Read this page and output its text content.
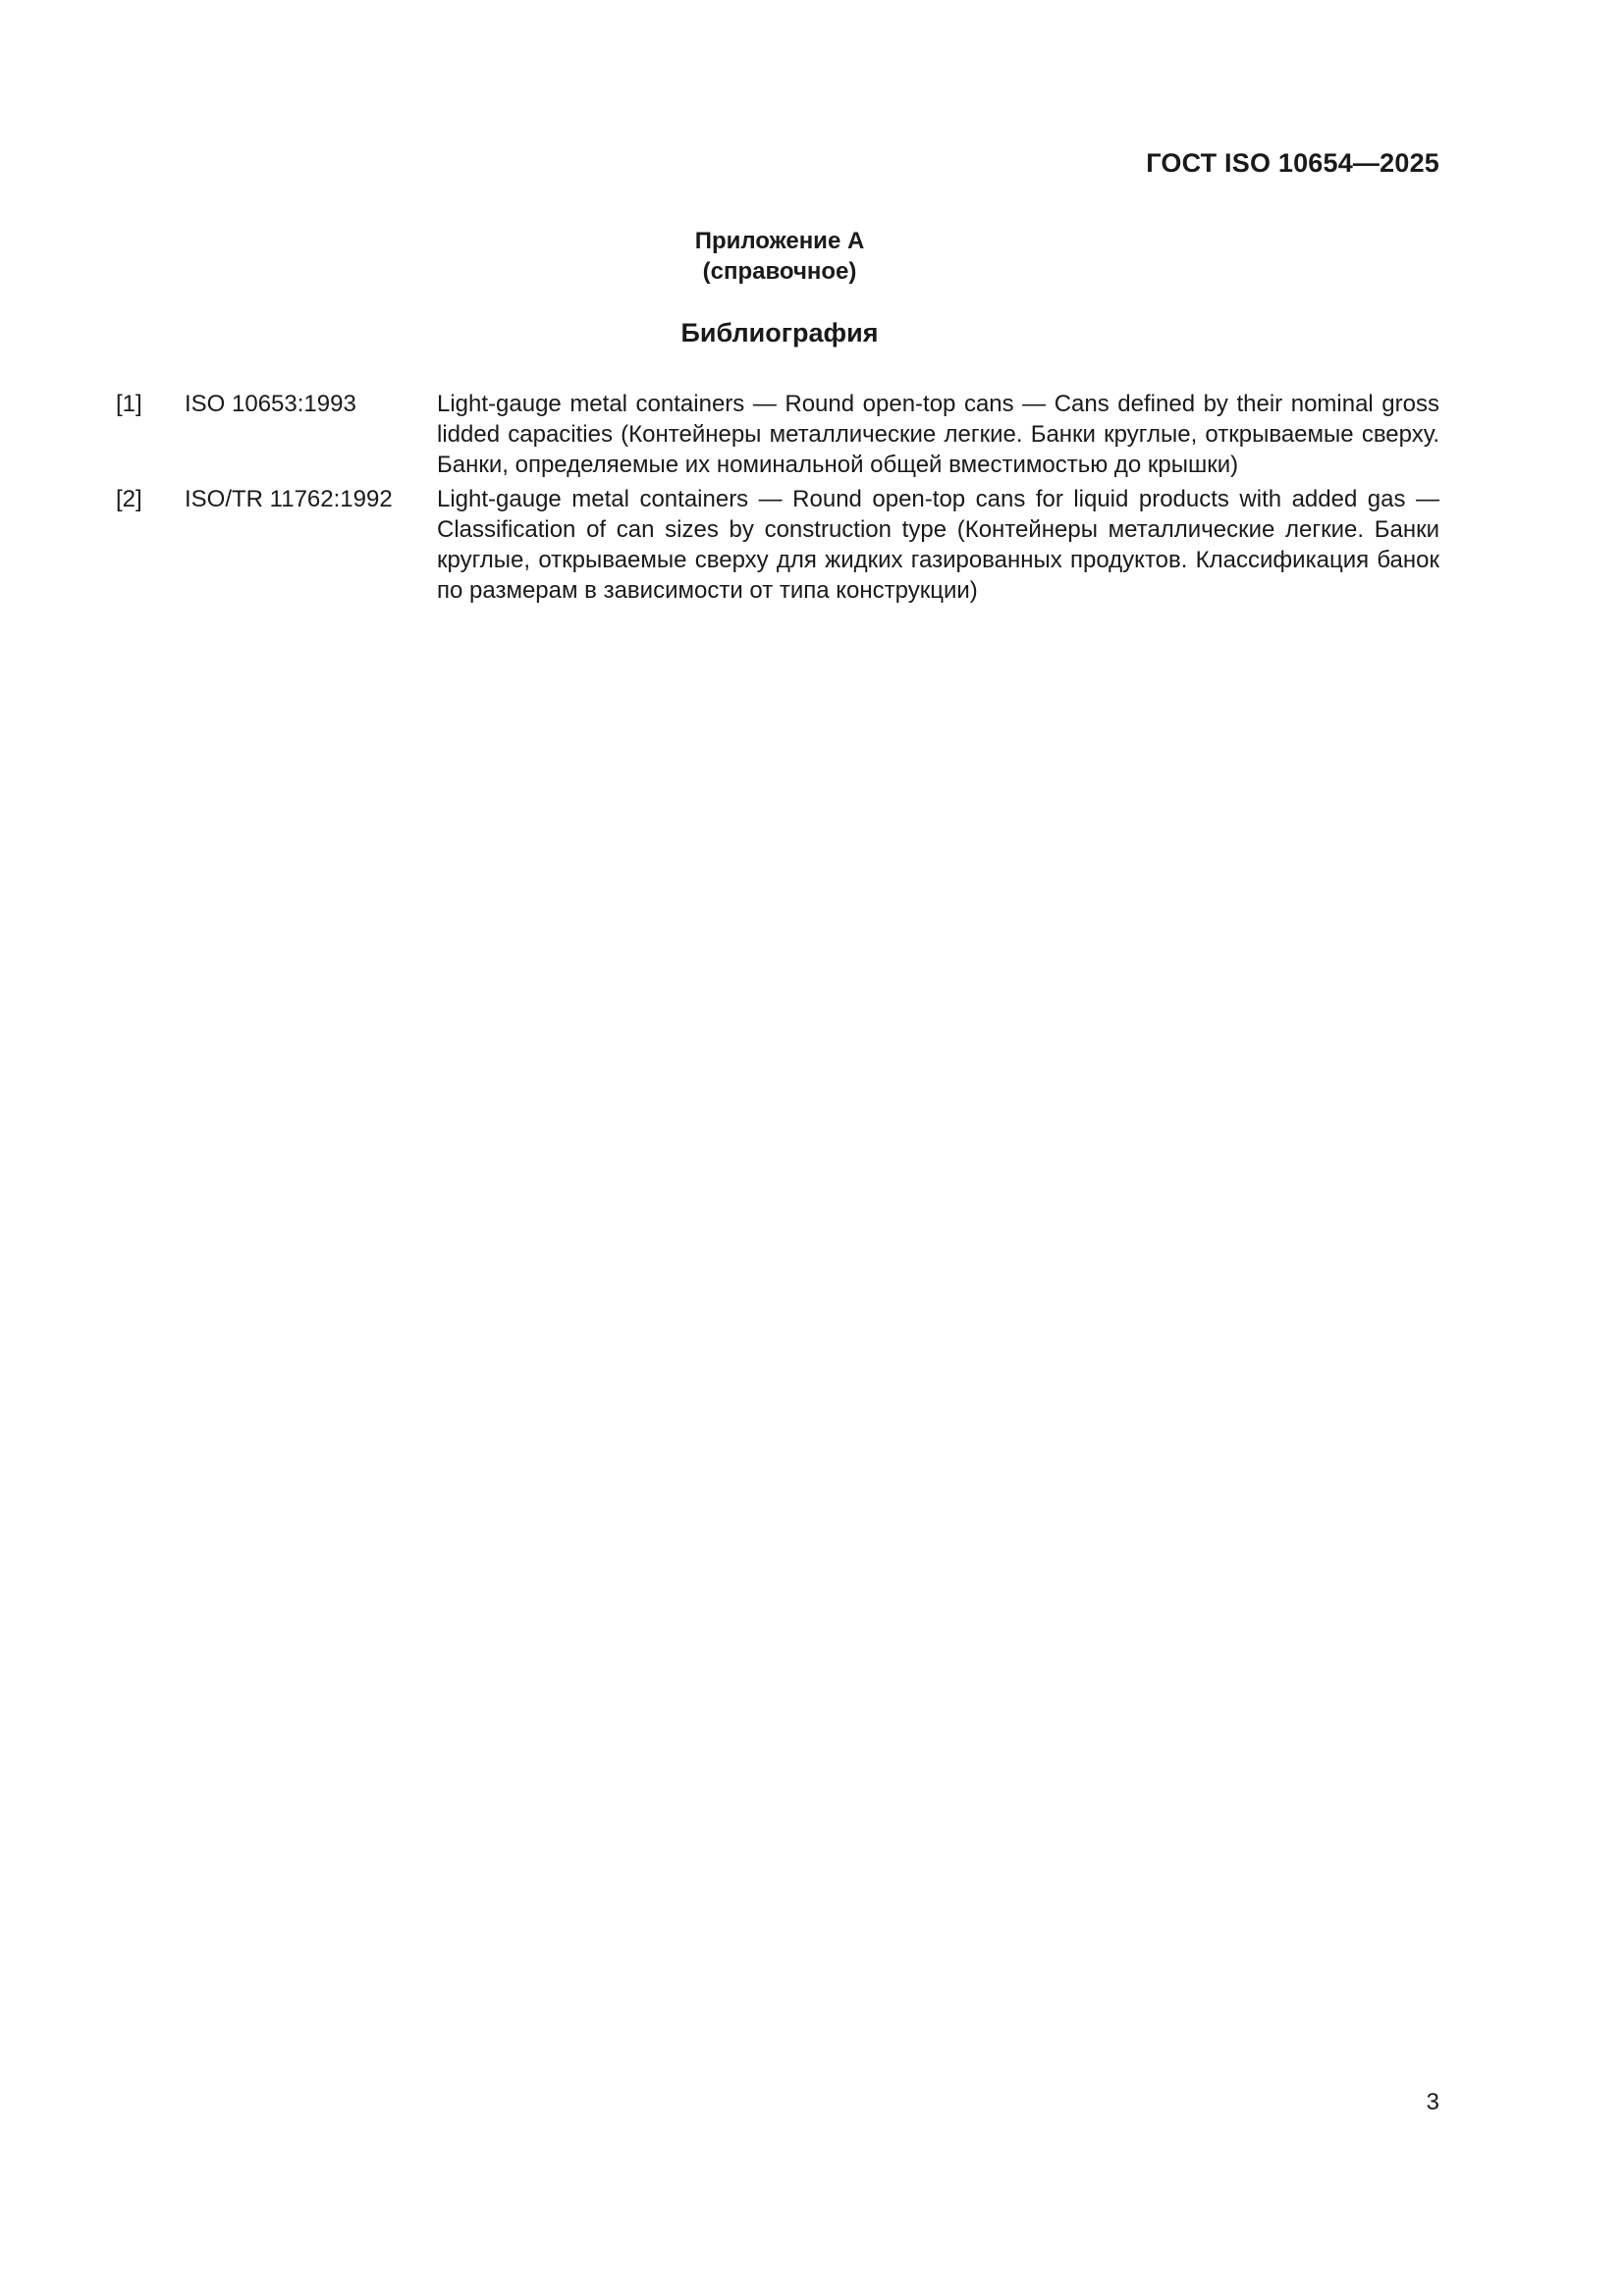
ГОСТ ISO 10654—2025
Приложение А
(справочное)
Библиография
[1]	ISO 10653:1993	Light-gauge metal containers — Round open-top cans — Cans defined by their nominal gross lidded capacities (Контейнеры металлические легкие. Банки круглые, открываемые сверху. Банки, определяемые их номинальной общей вместимостью до крышки)
[2]	ISO/TR 11762:1992	Light-gauge metal containers — Round open-top cans for liquid products with added gas — Classification of can sizes by construction type (Контейнеры металлические легкие. Банки круглые, открываемые сверху для жидких газированных продуктов. Классификация банок по размерам в зависимости от типа конструкции)
3
